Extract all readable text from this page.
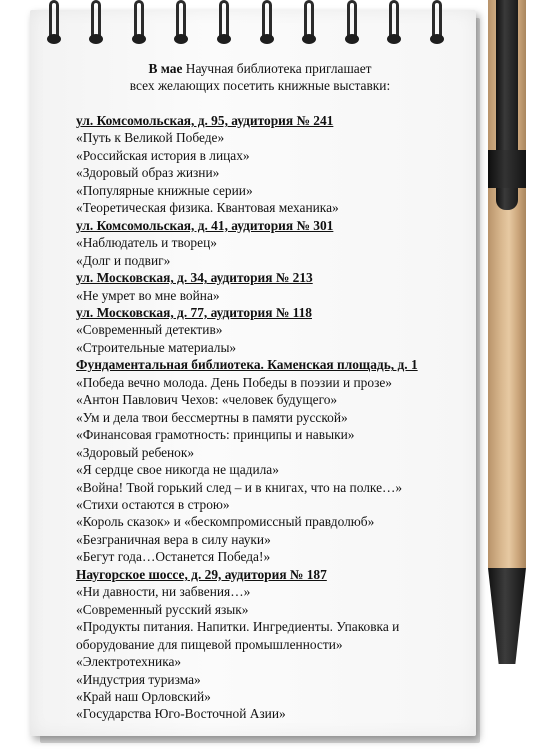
В мае Научная библиотека приглашает
всех желающих посетить книжные выставки:
ул. Комсомольская, д. 95, аудитория № 241
«Путь к Великой Победе»
«Российская история в лицах»
«Здоровый образ жизни»
«Популярные книжные серии»
«Теоретическая физика. Квантовая механика»
ул. Комсомольская, д. 41, аудитория № 301
«Наблюдатель и творец»
«Долг и подвиг»
ул. Московская, д. 34, аудитория № 213
«Не умрет во мне война»
ул. Московская, д. 77, аудитория № 118
«Современный детектив»
«Строительные материалы»
Фундаментальная библиотека. Каменская площадь, д. 1
«Победа вечно молода. День Победы в поэзии и прозе»
«Антон Павлович Чехов: «человек будущего»
«Ум и дела твои бессмертны в памяти русской»
«Финансовая грамотность: принципы и навыки»
«Здоровый ребенок»
«Я сердце свое никогда не щадила»
«Война! Твой горький след – и в книгах, что на полке…»
«Стихи остаются в строю»
«Король сказок» и «бескомпромиссный правдолюб»
«Безграничная вера в силу науки»
«Бегут года…Останется Победа!»
Наугорское шоссе, д. 29, аудитория № 187
«Ни давности, ни забвения…»
«Современный русский язык»
«Продукты питания. Напитки. Ингредиенты. Упаковка и оборудование для пищевой промышленности»
«Электротехника»
«Индустрия туризма»
«Край наш Орловский»
«Государства Юго-Восточной Азии»
